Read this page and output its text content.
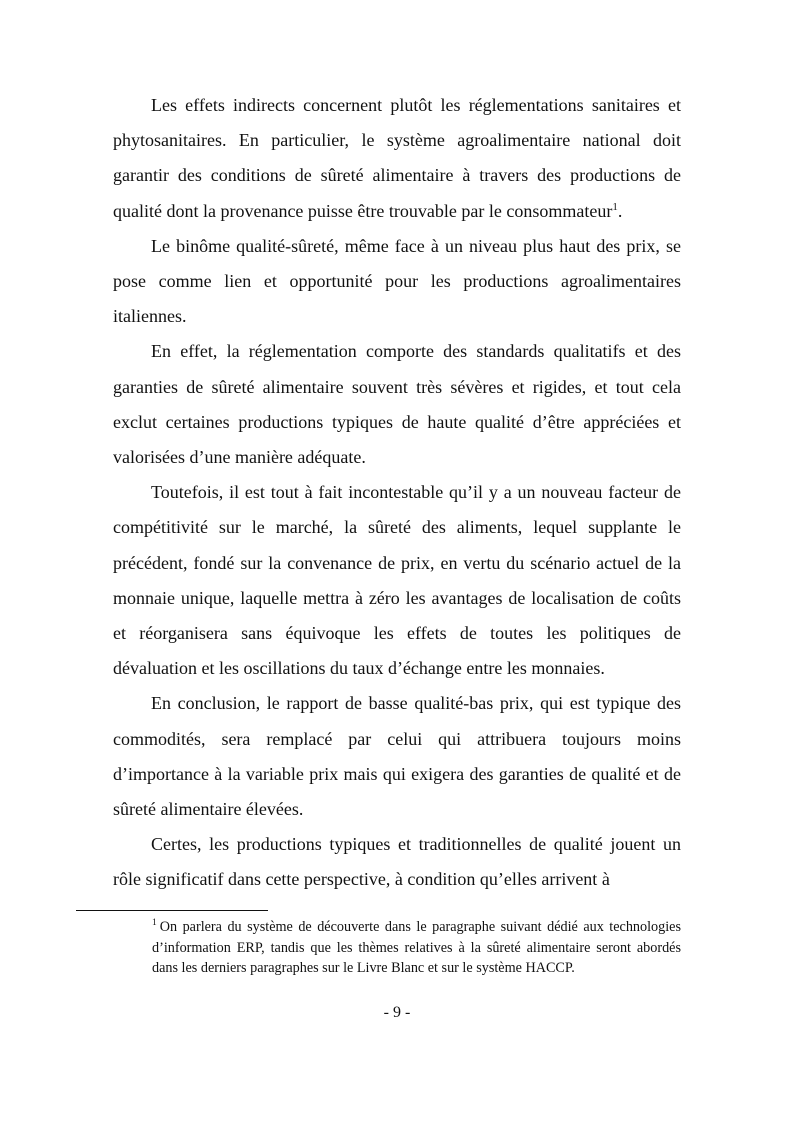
Les effets indirects concernent plutôt les réglementations sanitaires et phytosanitaires. En particulier, le système agroalimentaire national doit garantir des conditions de sûreté alimentaire à travers des productions de qualité dont la provenance puisse être trouvable par le consommateur$^1$.

Le binôme qualité-sûreté, même face à un niveau plus haut des prix, se pose comme lien et opportunité pour les productions agroalimentaires italiennes.

En effet, la réglementation comporte des standards qualitatifs et des garanties de sûreté alimentaire souvent très sévères et rigides, et tout cela exclut certaines productions typiques de haute qualité d’être appréciées et valorisées d’une manière adéquate.

Toutefois, il est tout à fait incontestable qu’il y a un nouveau facteur de compétitivité sur le marché, la sûreté des aliments, lequel supplante le précédent, fondé sur la convenance de prix, en vertu du scénario actuel de la monnaie unique, laquelle mettra à zéro les avantages de localisation de coûts et réorganisera sans équivoque les effets de toutes les politiques de dévaluation et les oscillations du taux d’échange entre les monnaies.

En conclusion, le rapport de basse qualité-bas prix, qui est typique des commodités, sera remplacé par celui qui attribuera toujours moins d’importance à la variable prix mais qui exigera des garanties de qualité et de sûreté alimentaire élevées.

Certes, les productions typiques et traditionnelles de qualité jouent un rôle significatif dans cette perspective, à condition qu’elles arrivent à

$^1$ On parlera du système de découverte dans le paragraphe suivant dédié aux technologies d’information ERP, tandis que les thèmes relatives à la sûreté alimentaire seront abordés dans les derniers paragraphes sur le Livre Blanc et sur le système HACCP.
- 9 -
